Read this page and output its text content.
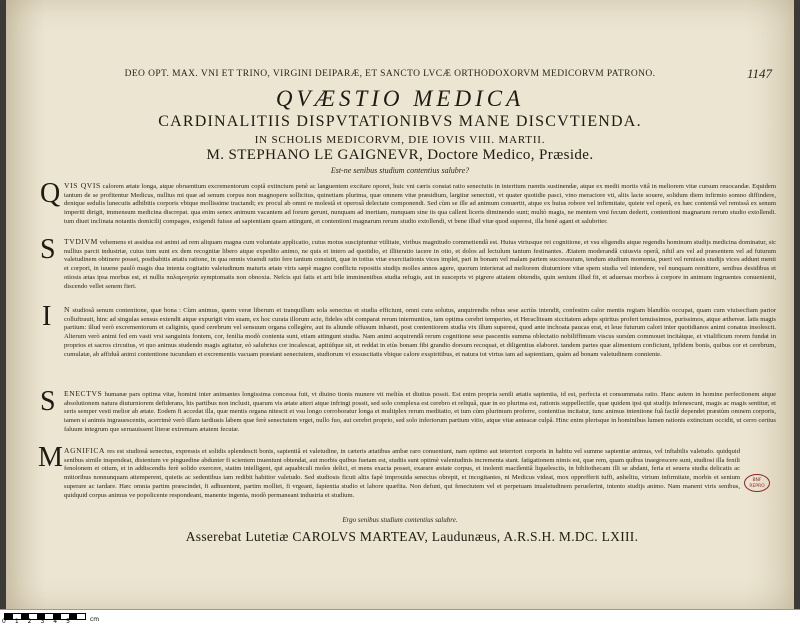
1147
DEO OPT. MAX. VNI ET TRINO, VIRGINI DEIPARÆ, ET SANCTO LVCÆ ORTHODOXORVM MEDICORVM PATRONO.
QVÆSTIO MEDICA
CARDINALITIIS DISPVTATIONIBVS MANE DISCVTIENDA.
IN SCHOLIS MEDICORVM, DIE IOVIS VIII. MARTII.
M. STEPHANO LE GAIGNEVR, Doctore Medico, Præside.
Est-ne senibus studium contentius salubre?
Q VIS QVIS calorem ætate longa, atque obruentium excrementorum copiâ extinctum penè ac languentem excitare oporet, huic vni cæris constat ratio senectutis in interitum ruentis sustinendæ, atque ex medii mortis vitâ in meliorem vitæ cursum reuocandæ. Equidem tantum de se profitentur Medicus, nullius mi quæ ad senum corpus non magnopere sollicitus, quinetiam plurima, quæ omnem vitæ præsidium, largitur senectuti, vt quater quotidie pasci, vino meraciore vti, aliis lacte souere, solidum diem infirmio somno diffindere, denique sedulis lunecutis adhibitis corporis vbique mollissime tractandi; ex procul ab omni re molestâ et operosâ delectate componendi. Sed cùm se ille ad animum conuertit, atque ex huius robore vel infirmitate, quiete vel operâ, ex hæc contentâ vel remissâ ex senum imperiti dirigit, immensum medicina discrepat. qua enim senex animum vacantem ad forum gerunt, nunquam ad inertiam, nunquam sine iis qua callent liceris diminendo sunt; multò magis, ne mentem vmi fecum dederit, contentioni magnarum rerum studio extollendi. tum diuet inclinata notantis domicilij compages, exigendi fuisse ad sapientiam quam attingunt, et contentioni magnarum rerum studio extollendi, vt bene illud vitæ quod superest, illa benè agant et salubriter.
S TVDIVM vehemens et assidua est animi ad rem aliquam magna cum voluntate applicatio, cuius motus suscipiuntur vtilitate, viribus magnitudo commetiendâ est. Huius vtriusque rei cognitione, et vsu eligendis atque regendis hominum studijs medicina dominatur, sic nullius parcit industriæ, cuius tum sunt ex dem recognitæ libero atque expedito animo, ne quis et intero ad quotidio, et illiteratio iacere in otio, et dolos ad lectulum tantum festinantes. Ætatem moderandâ cuiusvis operâ, nihil ars vel ad præsentem vel ad futurum valetudinem obtinere posset, postbabitis ætatis ratione, in qua omnis viuendi ratio fere tantum consistit, quæ in totius vitæ exercitationis vices implet, pari in bonam vel malam partem successuram, tendum studium momenta, pueri vel remissis studijs vices addunt menti et corpori, in iuuene paulò magis dua intenta cogitatio valetudinum maturis ætate viris sæpè magno conflictu repositis studijs molles annos agere, quorum interierat ad meliorem diuturniore vitæ spem studia vel intendere, vel nunquam remittere, senibus desidibus et otiosis ætas ipsa morbus est, et nullis παλαμνησία symptomatis non obnoxia. Nefcis qui fatis et arti bile imminentibus studia refugis, aut in suscepris vt pigrere attatem obtendis, quin senium illud fit, et aduersas morbos à corpore in animum ingruentes conuenienti, discendo vellet senem fieri.
I N studiosâ senum contentione, quæ bona : Cùm animus, quem veræ liberum et tranquillum sola senectus et studia efficiunt, omni cura solutus, anquirendis rebus sese acriùs intendit, confestim calor mentis regiam blandiùs occupat, quam cum viuisecfiam parior colluftrauit, hinc ad singulas sensus extendit atque expurigit vim suam, ex hoc curata illorum acie, fideles sibi comparat rerum internuntios, tam optima cerebri temperies, et Heracliteam siccitatem adeps spiritus profert tenuissimos, purissimos, atque æthereæ. latis magis partium: illud verò excrementorum et caliginis, quod cerebrum vel sensuum organa collegère, aut iis aliunde offusum inhæsit, post contentiorem studia vix illum superest, quod ante inchoata paucas erat, et leue futurum calori inter quotidianos animi conatus insolescit. Alterum verò animi fed em vasti vrsi sanguinis fontem, cor, fenilia modò contenta sunt, etiam attingunt studia. Nam animi acquirendâ rerum cognitione sese pascentis summa oblectatio nobiliffimum viscus sursùm commouet incitátque, et vitalificum rorem fundat in proprios et sacros circuitus, vt quo animus studendo magis agitatur, eò salubrius cor incalescat, aptiúfque sit, et reddat in eiùs bonam fibi grandio dorsum recoquat, et diligentius elaboret. tandem partes quæ alimentum conficiunt, ipfidem bonis, quibus cor et cerebrum, cumulatæ, ab affiduâ animi contentione iucundam et excrementis vacuam præstant senectutem, studiorum vi exsuscitatis vbique calore exspiritibus, et natura tot virtus iam ad sapientiam, quàm ad bonam valetudinem conniente.
S ENECTVS humanæ pars optima vitæ, homini inter animantes longissima concessa fuit, vt diuino tionis munere vti meliùs et diutius possit. Est enim propria senili ætatis sapientia, id est, perfecta et consummata ratio. Hanc autem in homine perfectionem atque absolutionem natura diuturniorem defiderans, his partibus non inclusit, quarum vis ætate atteri atque infringi possit, sed solo complexa est cerebro et reliquâ, quæ in eo plurima est, rationis suppellectile, quæ quidem ipsi qui studijs infenescunt, magis ac magis sentitur, et seris semper vesti melior ab ætate. Eodem fi accedat illa, quæ mentis organa nitescit et vsu longo corroboratur longa et multiplex rerum meditatio, et tum cùm plurimum proferre, contentius incitatur, tunc animus intentione fuâ facilè dependet præstùm omnem corporis, tamen si animis ingrauescentis, acerrimè verò illam tardiusis labem quæ ferè senectutem vrget, nullo fuo, aut cerebri proprio, sed solo inferiorum partium vitio, atque vitæ anteacæ culpâ. Hinc enim plerisque in hominibus lumen rationis extinctum occidit, ut cerro certius faluum integrum que seruauissent literæ extremam ætatem fecutæ.
M AGNIFICA res est studiosâ senectus, expressis et solidis splendescit bonis, sapientiâ et valetudine, in cæteris ætatibus ambæ raro conueniunt, nam optimo aut teterriori corporis in habitu vel summe sapientiæ animus, vel inftabilis valetudo. quidquid senibus simile inspendeat, distentum ve pinguedine abdunter fi scientem inueniunt obtendat, aut morbis quibus fuetam est, studiis sunt optimè valentudinis incrementa stant. fatigationem nimis est, quæ rem, quam quibus inaegrescere sunt, studiosi illa fenili fenolonem et otium, et in addiscendis ferè solido exercere, statim intelligent, qui aquabiculi moles delici, et mens exacta posset, exarare æstate corpus, et inolenti macilentiâ liquelesciis, in bibliothecam illi se abdant, feria et seuera studia delicatis ac mitioribus nonnunquam attemperent, quietis ac sedentibus iam redibit habitior valetudo. Sed studiosis ficuti altis fapè improuida senectus obrepit, et incogitantes, ni Medicus videat, mox opprefferit tuffi, anhelitu, virium infirmitate, morbis et senium superare ac tardare. Hæc omnia partim præscindet, fi adhuentent, partim molliet, fi vrgeant, fapientia studio et labore quæfita. Non defunt, qui fenectutem vel et perpetuam inualetudinem peruelerint, intento studijs animo. Nam manent viris senibus, quidquid corpus animus ve popolicente respondeant, manente ingenia, modò permaneant industria et studium.
BNF
REPRO
Ergo senibus studium contentius salubre.
Asserebat Lutetiæ CAROLVS MARTEAV, Laudunæus, A.R.S.H. M.DC. LXIII.
012345 cm
